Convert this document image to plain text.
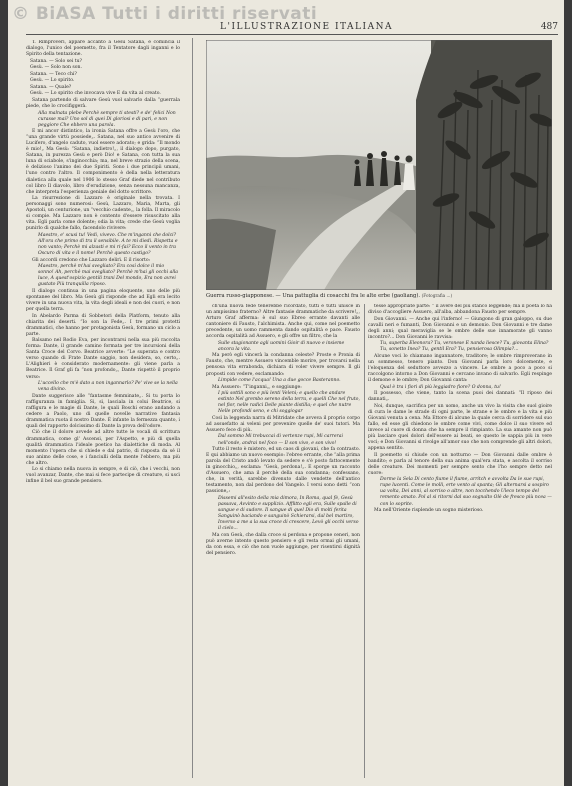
© BiASA Tutti i diritti riservati
L'ILLUSTRAZIONE ITALIANA	487

T. Rimproveri, appare accanto a Gesù Satana, e comincia il dialogo, l'unico del poemetto, fra il Tentatore dagli inganni e lo Spirito della tentazione.

Satana. — Solo sei tu?

Gesù. — Solo non son.

Satana. — Teco chi?

Gesù. — Lo spirito.

Satana. — Quale?

Gesù. — Lo spirito che invocava vive E da vita al creato.

Satana partendo di salvare Gesù vuol salvarlo dalla “guerrala piede, che lo crocifiggerà.

Alla malnata plebe Perchè sempre ti stesti? e de' felici Non curasse mai? Uno sol di quei Di gloriosi e di pari, e non peggiore Che ebbero una parola.

E mi ancor distintico, la ironia Satana offre a Gesù l'oro, che “una grande virtù possiede„. Satana, nel suo antico avvenire di Lucifero, d'angelo caduto, vuol essere adorato; e grida: “Il mondo è mio!„ Ma Gesù: “Satana, indietro!„, il dialogo dopo, purgato, Satana, in purezza Gesù e però Dio! e Satana, con tutta la sua luna di sciabole, s'inginocchia; ma, nel breve strazio della scena, è delizioso l'animo dei due Spiriti. Sono i due principii umani, l'uno contro l'altro. Il componimento è della nella letteratura dialetica alla quale nel 1906 lo stesso Graf diede nel contributo col libro Il diavolo, libro d'erudizione, senza nessuna mancanza, che interpreta l'esperienza geniale del dotto scrittore.

La risurrezione di Lazzaro è originale nella trovata. I personaggi sono numerosi: Gesù, Lazzaro, Maria, Marta, gli Apostoli, un centurione, un “vecchio cadente„, la folla. Il miracolo si compie. Ma Lazzaro non è contento d'essere risuscitato alla vita. Egli parla come dolente; odia la vita; crede che Gesù voglia punirlo di qualche fallo, facendolo rivivere:

Maestro, e' scusi tu! Vedi, vivevo. Che m'inganni che dolci? All'ora che primo di tra il sensibile. A te mi diedi. Rispetta e non vanto; Perchè mi alzasti e mi ri-fai? Ecco il vento in tra Oscuro di vita e il nome! Perchè questo castigo?

Gli accordi credono che Lazzaro delirì. E il risorto:

Maestro, perchè m'hai svegliato? Era così dolce il mio sonno! Ah, perchè mai svegliato? Perchè m'hai gli occhi alla luce, A quest'ospizio gentili trani Del mondo, Era non avrei gustato Più tranquilla riposo.

Il dialogo continua in una pagina eloquente, uno delle più spontanee del libro. Ma Gesù gli risponde che ad Egli era lecito vivere in una nuova vita, la vita degli ideali e non dei cuori, e non per quella terra.

In Abelardo Parma di Sobbetori della Platform, tenuto alla chiarita dei deserti. “Io son la Fede„. I tre primi protetti drammatici, che hanno per protagonista Gesù, formano un ciclo a parte.

Balsamo nel Rodio Eva, per incontrarsi nella sua più raccolta forma: Dante, il grande camino formata per tre incursioni della Santa Croce del Corvo. Beatrice avverte: “Le superata e contro verso quando di Frate Dante saggio, non desidera, so, certo„. L'Alighieri è considerato modernamente: gli viene parla a Beatrice. Il Graf gli fa “non profondo„, Dante rispettò il proprio verso:

L'uccello che m'è dato a non ingannarlo? Pe' vive se la nella vena divino.

Dante suggerisce alle “fantasme femminate„. Si tu porta lo raffiguranza in famiglia. Si, sì, lasciala in colui Beatrice, si raffigura e le magie di Dante, le quali Boschi erano andando a cedere a Paolo, uno di quelle novelle narrative fantasia drammatica ruota il nostro Dante. È infante la fermezza quanto, i quali del rapporto dolcissimo di Dante la prova dell'odore.

Ciò che il dolore avvede ad altre tutte le vocali di scrittura drammatica, come gl' Ascensi, per l'Aspetto, e più di quella qualità drammatica l'ideale poetico ha dialettiche di moda. Al momento l'opera che si chiede e dal patrio, di risposta da sé il suo animo delle cose, e i fanciulli della mente l'ebbero, ma più che altro.

Lo si chiamo nella nuova in sempre, e di ciò, che i vecchi, non vuol avanzar, Dante, che mai si fece partecipe di creature, si uscì infine il bel suo grande pensiero.

Guerra russo-giapponese. — Una pattuglia di cosacchi fra le alte erbe (gaoliang). (Fotografia ...)

ch'una nuova fede tenerebbe ricordato, tutti e tutti unisce in un ampissimo fraterno? Altre fantasie drammatiche da scrivere!„, Arturo Graf afferma: è sul suo Ebreo errante davanti alle cantoniere di Fausto, l'alchimista. Anche qui, come nel poemetto precedente, un uomo rammenta dando ospitalità e pace. Fausto accorda ospitalità ad Assuero, e gli offre un filtro, che la

Sulle stagionante agli uomini Gioir di nuovo e insieme ancora la vita.

Ma però egli vincerà la condanna celeste? Proste e Pronia di Fausto, che, mentre Assuero vincemble morire, per trovarsi nella pensosa vita errabonda, dichiara di voler vivere sempre. Il gli proposti con vedere, esclamando:

Limpide come l'acqua! Una a due gocce Basteranno.

Ma Assuero: “T'inganni„, e soggiunge:

I più sottili sono e più lenti Veleni; e quello che andare estinto Nel grembo sereno della terra, e quelli Che nel fruto, nel fior, nelle radici Delle piante distilla; e quel che nutre Nelle profondi seno, e chi soggiogar

Così la leggenda narra di Mitridate che avveva il proprio corpo ad assuefatto ai veleni per prevenire quelle de' suoi tutori. Ma Assuero fece di più.

Dal sommo Mi trebuccai di vertenze rupi, Mi carrerai nell'onde, andrai nel foco — Il son vivo, e son vivo!

Tutto il resto è mistero, ed un caos di giovani, che fa contrasto. E qui abbiamo un nuovo esempio: l'ebreo errante, che “alla prima parola del Cristo andò levato da sedere e s'è posto fattocemente in ginocchio„, esclama: “Gesù, perdona!„. E sporge un racconto d'Assuero, che ama il perchè della sua condanna; confessano, che, in verità, sarebbe divenuto dalle vendette dell'antico testamento, non dal perdono del Vangelo. I versi sono detti “con passione„:

Dissemi all'esito della mia dimora, In Roma, qual fè, Gesù passava, Avvinto e supplizio. Afflitto egli era, Sulle spalle di sangue e di sudore. Il sangue di quel Dio di molti ferita Sanguinò baciando e sanguinò Schierarsi, dal bel martiro, Inverso a me a la sua croce di crescere, Levò gli occhi verso il cielo...

Ma con Gesù, che dalla croce si perdona e propone ceneri, non può averne intento questo pensiero e gli resta ormai gli umani, da con essa, e ciò che non vuole aggiunge, per risentirsi dignità del pensiero.

tesse appropriate parte: “ il avere del più stanco leggende; ma il poeta lo ha diviso d'accogliere Assuero, all'alba, abbandona Fausto per sempre.

Don Giovanni. — Anche qui l'inferno! — Giungono di gran galoppo, su due cavalli neri e fumanti, Don Giovanni e un demonio. Don Giovanni e tre dame degli anni; qual meraviglia se le ombre delle sue innamorate gli vanno incontro?... Don Giovanni le ravvisa:

Tu, superba Eleonora? Tu, veronese E nanda liesce? Tu, giovanta Elina? Tu, sonetto Inea? Tu, gentil Era? Tu, pensierosa Olimpia?...

Alcune voci lo chiamano ingannatore, traditore; le ombre rimproverano in un sommesso, tenero pianto. Don Giovanni parla loro dolcemente, e l'eloquenza del seduttore avvezzo a vincere. Le ombre a poco a poco si raccolgono intorno a Don Giovanni e cercano invano di salvarlo. Egli respinge il demone e le ombre; Don Giovanni canta:

Qual è tra i fiori di più leggiadro fiore? O donna, tu!

Il possesso, che viene, tanto la scena puoi dei dannati: “Il riposo dei dannati„.

Noi, dunque, sacrifica per un uomo, anche un vivo la visita che suol gioire di cura le dame le strade di ogni parte, le strane e le ombre e la vita e più Giovani venuta a cena. Ma Ettore di alcune la quale cerca di sorridere sul suo fallo, ed esse gli chiedono le ombre come vivi, come dolce il suo vivere ed invece al cuore di donna che ha sempre il rimpianto. La sua amante non può più lasciare quei dolori dell'essere ai beati, se questo le sappia più in vere voci; e Don Giovanni si rivolge all'amor suo che non comprende gli altri dolori, appena sentito.

Il poemetto si chiude con un notturno — Don Giovanni dalle ombre è bandito; e parla al tenore della sua anima qual'era stata, e ascolta il sorriso delle creature. Dei momenti per sempre sento che l'ho sempre detto nel cuore:

Dorme la Sela Di cento fiume il fiume, arritch e avvolta Da le sue rupi, rupe lucenti. Come le molli, erte vento al spanta; Gli alternarsi a sospiro ua volta, Dei anni, al sorriso o altre, non tocchendo Uleco tempo del remento amato. Pol al si ritorni dal suo sognalto Olè de fresco più ncea — con lo soprite.

Ma nell'Oriente risplende un sogno misterioso.
